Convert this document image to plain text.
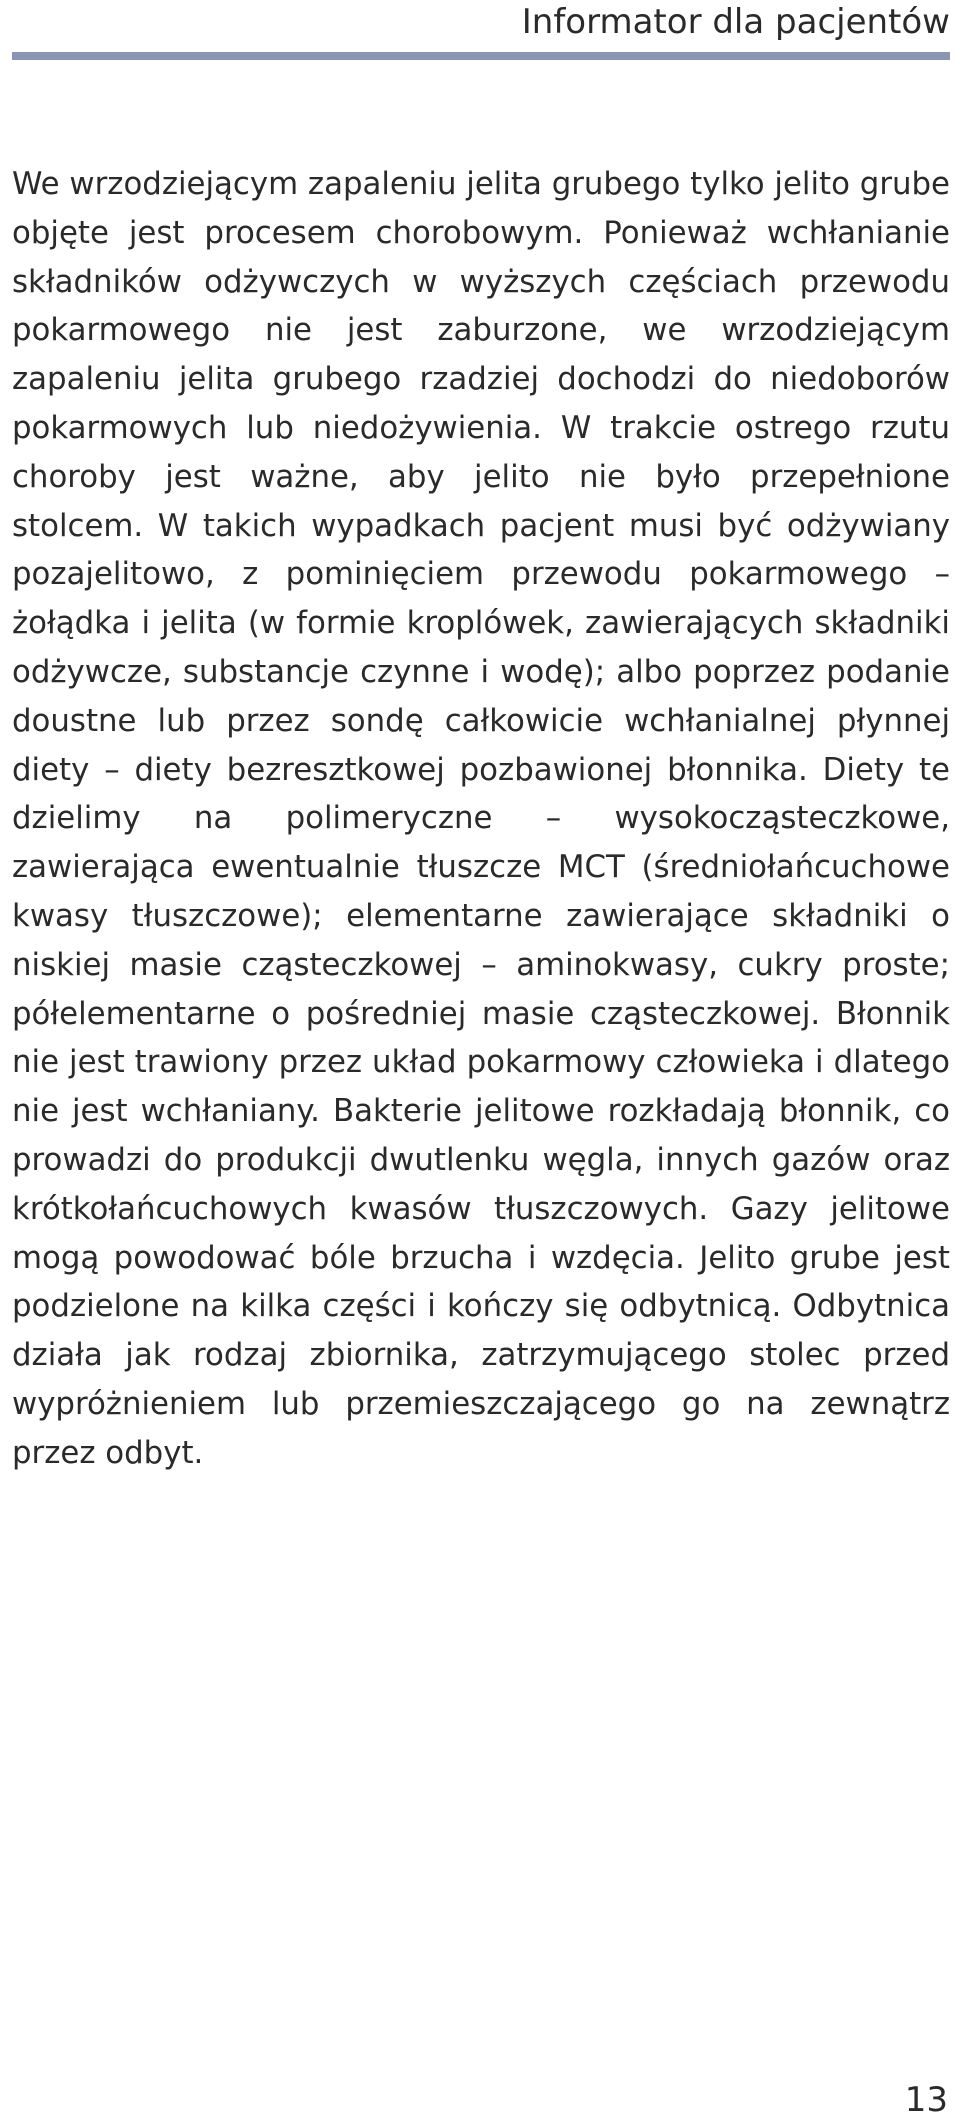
Informator dla pacjentów

We wrzodziejącym zapaleniu jelita grubego tylko jelito grube objęte jest procesem chorobowym. Ponieważ wchłanianie składników odżywczych w wyższych częściach przewodu pokarmowego nie jest zaburzone, we wrzodziejącym zapaleniu jelita grubego rzadziej dochodzi do niedoborów pokarmowych lub niedożywienia. W trakcie ostrego rzutu choroby jest ważne, aby jelito nie było przepełnione stolcem. W takich wypadkach pacjent musi być odżywiany pozajelitowo, z pominięciem przewodu pokarmowego – żołądka i jelita (w formie kroplówek, zawierających składniki odżywcze, substancje czynne i wodę); albo poprzez podanie doustne lub przez sondę całkowicie wchłanialnej płynnej diety – diety bezresztkowej pozbawionej błonnika. Diety te dzielimy na polimeryczne – wysokocząsteczkowe, zawierająca ewentualnie tłuszcze MCT (średniołańcuchowe kwasy tłuszczowe); elementarne zawierające składniki o niskiej masie cząsteczkowej – aminokwasy, cukry proste; półelementarne o pośredniej masie cząsteczkowej. Błonnik nie jest trawiony przez układ pokarmowy człowieka i dlatego nie jest wchłaniany. Bakterie jelitowe rozkładają błonnik, co prowadzi do produkcji dwutlenku węgla, innych gazów oraz krótkołańcuchowych kwasów tłuszczowych. Gazy jelitowe mogą powodować bóle brzucha i wzdęcia. Jelito grube jest podzielone na kilka części i kończy się odbytnicą. Odbytnica działa jak rodzaj zbiornika, zatrzymującego stolec przed wypróżnieniem lub przemieszczającego go na zewnątrz przez odbyt.

13
